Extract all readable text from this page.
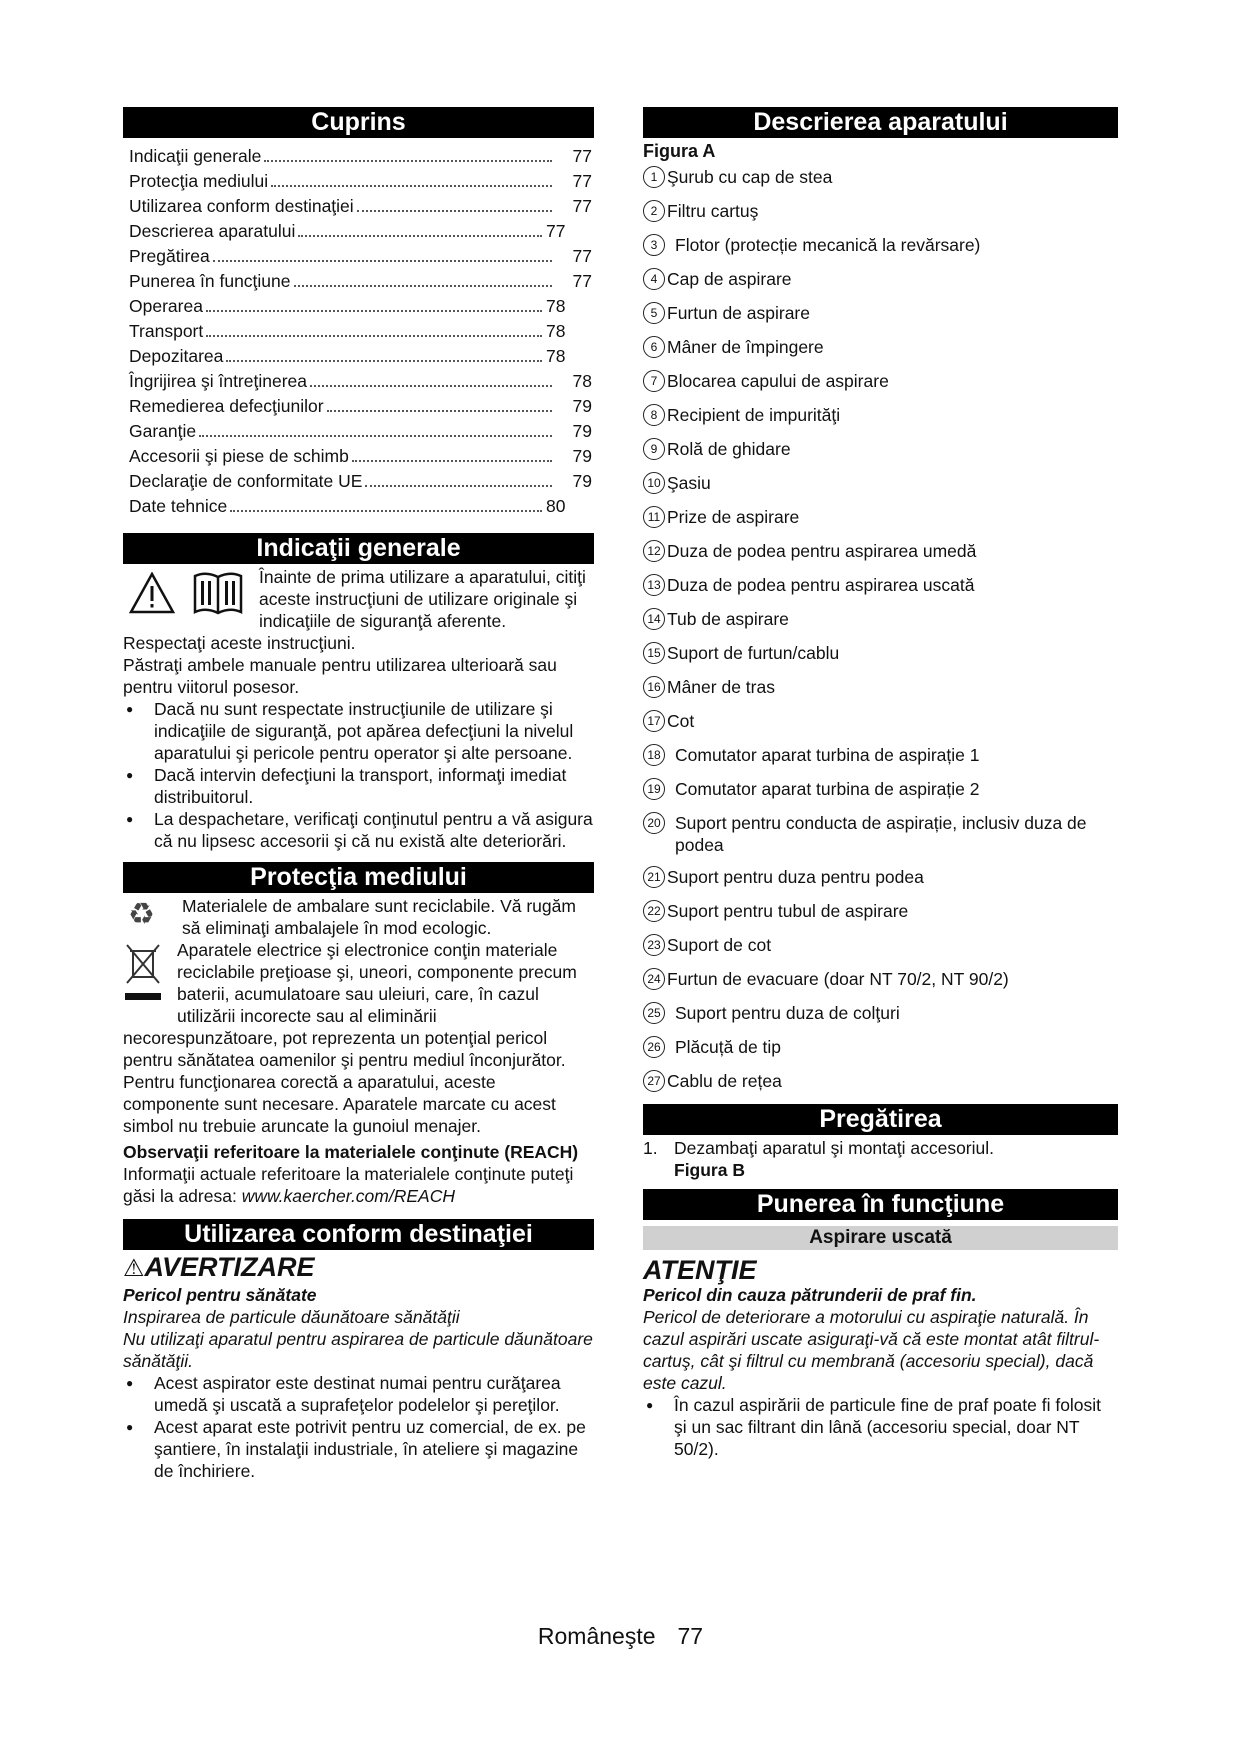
Cuprins
Indicaţii generale	77
Protecţia mediului	77
Utilizarea conform destinaţiei	77
Descrierea aparatului	77
Pregătirea	77
Punerea în funcţiune	77
Operarea	78
Transport	78
Depozitarea	78
Îngrijirea şi întreţinerea	78
Remedierea defecţiunilor	79
Garanţie	79
Accesorii şi piese de schimb	79
Declaraţie de conformitate UE	79
Date tehnice	80
Indicaţii generale

Înainte de prima utilizare a aparatului, citiţi aceste instrucţiuni de utilizare originale şi indicaţiile de siguranţă aferente.

Respectaţi aceste instrucţiuni.

Păstraţi ambele manuale pentru utilizarea ulterioară sau pentru viitorul posesor.

● Dacă nu sunt respectate instrucţiunile de utilizare şi indicaţiile de siguranţă, pot apărea defecţiuni la nivelul aparatului şi pericole pentru operator şi alte persoane.
● Dacă intervin defecţiuni la transport, informaţi imediat distribuitorul.
● La despachetare, verificaţi conţinutul pentru a vă asigura că nu lipsesc accesorii şi că nu există alte deteriorări.
Protecţia mediului
♻	Materialele de ambalare sunt reciclabile. Vă rugăm să eliminaţi ambalajele în mod ecologic.

Aparatele electrice şi electronice conţin materiale reciclabile preţioase şi, uneori, componente precum baterii, acumulatoare sau uleiuri, care, în cazul utilizării incorecte sau al eliminării

necorespunzătoare, pot reprezenta un potenţial pericol pentru sănătatea oamenilor şi pentru mediul înconjurător. Pentru funcţionarea corectă a aparatului, aceste componente sunt necesare. Aparatele marcate cu acest simbol nu trebuie aruncate la gunoiul menajer.

Observaţii referitoare la materialele conţinute (REACH)

Informaţii actuale referitoare la materialele conţinute puteţi găsi la adresa: www.kaercher.com/REACH

Utilizarea conform destinaţiei
⚠AVERTIZARE

Pericol pentru sănătate

Inspirarea de particule dăunătoare sănătăţii

Nu utilizaţi aparatul pentru aspirarea de particule dăunătoare sănătăţii.

● Acest aspirator este destinat numai pentru curăţarea umedă şi uscată a suprafeţelor podelelor şi pereţilor.
● Acest aparat este potrivit pentru uz comercial, de ex. pe şantiere, în instalaţii industriale, în ateliere şi magazine de închiriere.
Descrierea aparatului
Figura A
1 Şurub cu cap de stea
2 Filtru cartuş
3	Flotor (protecție mecanică la revărsare)
4 Cap de aspirare
5 Furtun de aspirare
6 Mâner de împingere
7 Blocarea capului de aspirare
8 Recipient de impurităţi
9 Rolă de ghidare
10 Şasiu
11 Prize de aspirare
12 Duza de podea pentru aspirarea umedă
13 Duza de podea pentru aspirarea uscată
14 Tub de aspirare
15 Suport de furtun/cablu
16 Mâner de tras
17 Cot
18 Comutator aparat turbina de aspirație 1
19 Comutator aparat turbina de aspirație 2
20 Suport pentru conducta de aspirație, inclusiv duza de podea
21 Suport pentru duza pentru podea
22 Suport pentru tubul de aspirare
23 Suport de cot
24 Furtun de evacuare (doar NT 70/2, NT 90/2)
25 Suport pentru duza de colţuri
26 Plăcuță de tip
27 Cablu de rețea
Pregătirea
1. Dezambaţi aparatul şi montaţi accesoriul.

Figura B

Punerea în funcţiune
Aspirare uscată
ATENŢIE

Pericol din cauza pătrunderii de praf fin.

Pericol de deteriorare a motorului cu aspiraţie naturală. În cazul aspirări uscate asiguraţi-vă că este montat atât filtrul-cartuş, cât şi filtrul cu membrană (accesoriu special), dacă este cazul.

● În cazul aspirării de particule fine de praf poate fi folosit şi un sac filtrant din lână (accesoriu special, doar NT 50/2).
Româneşte 77
